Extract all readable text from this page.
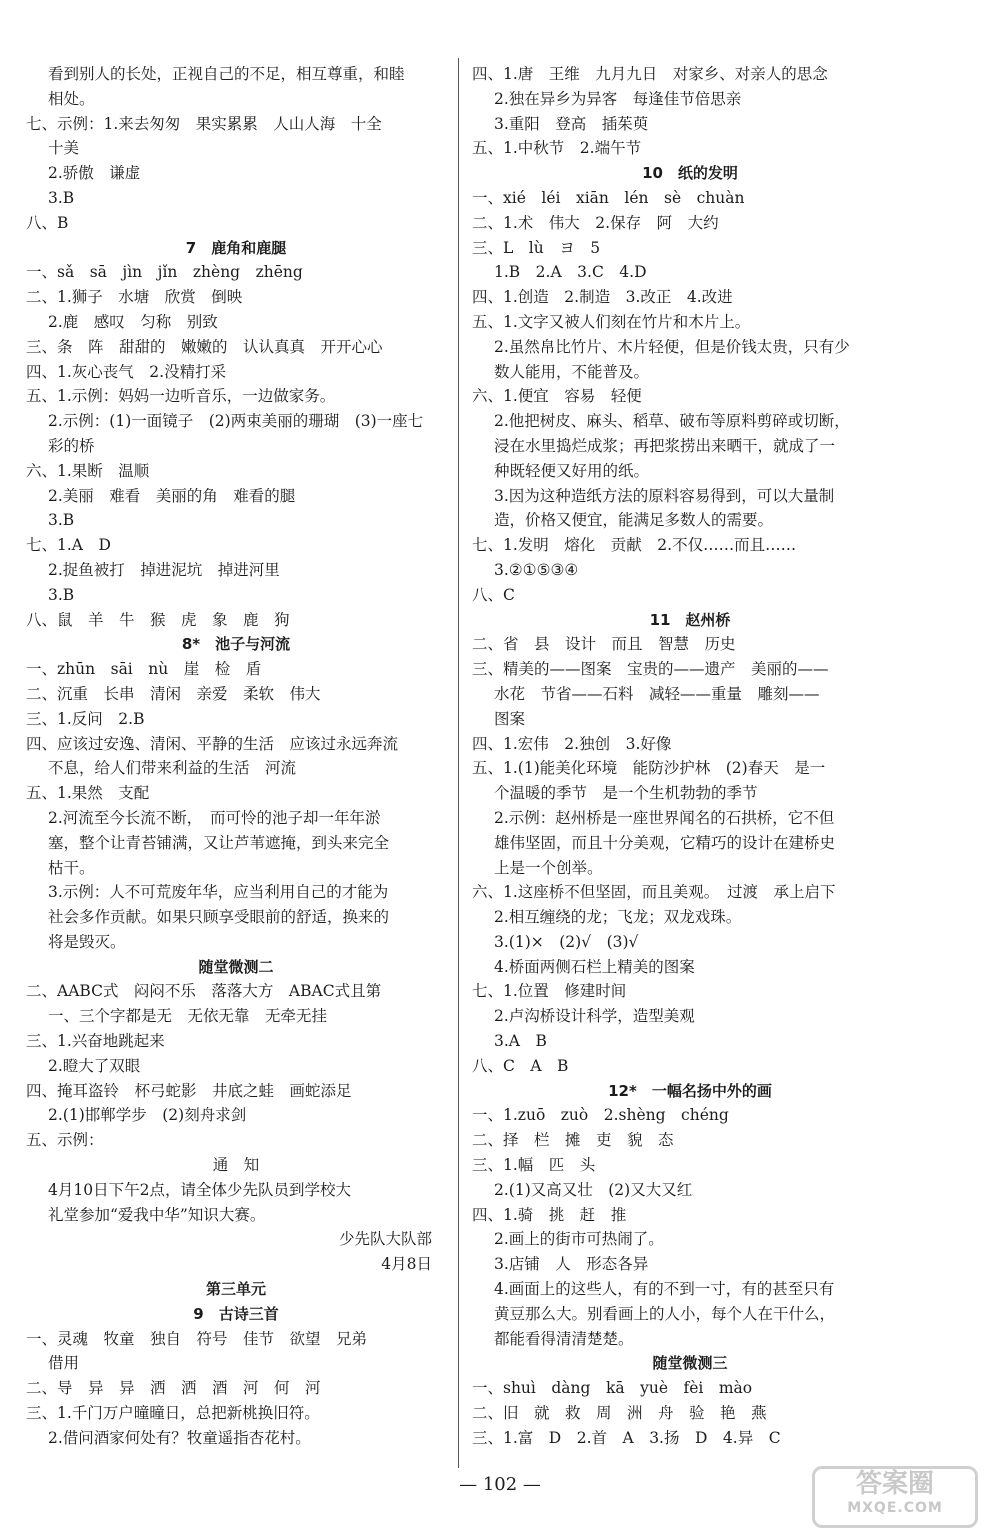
看到别人的长处，正视自己的不足，相互尊重，和睦
相处。
七、示例：1.来去匆匆　果实累累　人山人海　十全
十美
2.骄傲　谦虚
3.B
八、B
7　鹿角和鹿腿
一、sǎ　sā　jìn　jǐn　zhèng　zhēng
二、1.狮子　水塘　欣赏　倒映
2.鹿　感叹　匀称　别致
三、条　阵　甜甜的　嫩嫩的　认认真真　开开心心
四、1.灰心丧气　2.没精打采
五、1.示例：妈妈一边听音乐，一边做家务。
2.示例：(1)一面镜子　(2)两束美丽的珊瑚　(3)一座七
彩的桥
六、1.果断　温顺
2.美丽　难看　美丽的角　难看的腿
3.B
七、1.A　D
2.捉鱼被打　掉进泥坑　掉进河里
3.B
八、鼠　羊　牛　猴　虎　象　鹿　狗
8*　池子与河流
一、zhūn　sāi　nù　崖　检　盾
二、沉重　长串　清闲　亲爱　柔软　伟大
三、1.反问　2.B
四、应该过安逸、清闲、平静的生活　应该过永远奔流
不息，给人们带来利益的生活　河流
五、1.果然　支配
2.河流至今长流不断，　而可怜的池子却一年年淤
塞，整个让青苔铺满，又让芦苇遮掩，到头来完全
枯干。
3.示例：人不可荒废年华，应当利用自己的才能为
社会多作贡献。如果只顾享受眼前的舒适，换来的
将是毁灭。
随堂微测二
二、AABC式　闷闷不乐　落落大方　ABAC式且第
一、三个字都是无　无依无靠　无牵无挂
三、1.兴奋地跳起来
2.瞪大了双眼
四、掩耳盗铃　杯弓蛇影　井底之蛙　画蛇添足
2.(1)邯郸学步　(2)刻舟求剑
五、示例：
通　知
4月10日下午2点，请全体少先队员到学校大
礼堂参加“爱我中华”知识大赛。
少先队大队部
4月8日
第三单元
9　古诗三首
一、灵魂　牧童　独自　符号　佳节　欲望　兄弟
借用
二、导　异　异　洒　洒　酒　河　何　河
三、1.千门万户曈曈日，总把新桃换旧符。
2.借问酒家何处有？牧童遥指杏花村。
四、1.唐　王维　九月九日　对家乡、对亲人的思念
2.独在异乡为异客　每逢佳节倍思亲
3.重阳　登高　插茱萸
五、1.中秋节　2.端午节
10　纸的发明
一、xié　léi　xiān　lén　sè　chuàn
二、1.术　伟大　2.保存　阿　大约
三、L　lù　ヨ　5
1.B　2.A　3.C　4.D
四、1.创造　2.制造　3.改正　4.改进
五、1.文字又被人们刻在竹片和木片上。
2.虽然帛比竹片、木片轻便，但是价钱太贵，只有少
数人能用，不能普及。
六、1.便宜　容易　轻便
2.他把树皮、麻头、稻草、破布等原料剪碎或切断，
浸在水里捣烂成浆；再把浆捞出来晒干，就成了一
种既轻便又好用的纸。
3.因为这种造纸方法的原料容易得到，可以大量制
造，价格又便宜，能满足多数人的需要。
七、1.发明　熔化　贡献　2.不仅……而且……
3.②①⑤③④
八、C
11　赵州桥
二、省　县　设计　而且　智慧　历史
三、精美的——图案　宝贵的——遗产　美丽的——
水花　节省——石料　减轻——重量　雕刻——
图案
四、1.宏伟　2.独创　3.好像
五、1.(1)能美化环境　能防沙护林　(2)春天　是一
个温暖的季节　是一个生机勃勃的季节
2.示例：赵州桥是一座世界闻名的石拱桥，它不但
雄伟坚固，而且十分美观，它精巧的设计在建桥史
上是一个创举。
六、1.这座桥不但坚固，而且美观。　过渡　承上启下
2.相互缠绕的龙；飞龙；双龙戏珠。
3.(1)×　(2)√　(3)√
4.桥面两侧石栏上精美的图案
七、1.位置　修建时间
2.卢沟桥设计科学，造型美观
3.A　B
八、C　A　B
12*　一幅名扬中外的画
一、1.zuō　zuò　2.shèng　chéng
二、择　栏　摊　吏　貌　态
三、1.幅　匹　头
2.(1)又高又壮　(2)又大又红
四、1.骑　挑　赶　推
2.画上的街市可热闹了。
3.店铺　人　形态各异
4.画面上的这些人，有的不到一寸，有的甚至只有
黄豆那么大。别看画上的人小，每个人在干什么，
都能看得清清楚楚。
随堂微测三
一、shuì　dàng　kā　yuè　fèi　mào
二、旧　就　救　周　洲　舟　验　艳　燕
三、1.富　D　2.首　A　3.扬　D　4.异　C
— 102 —	答案圈
MXQE.COM
